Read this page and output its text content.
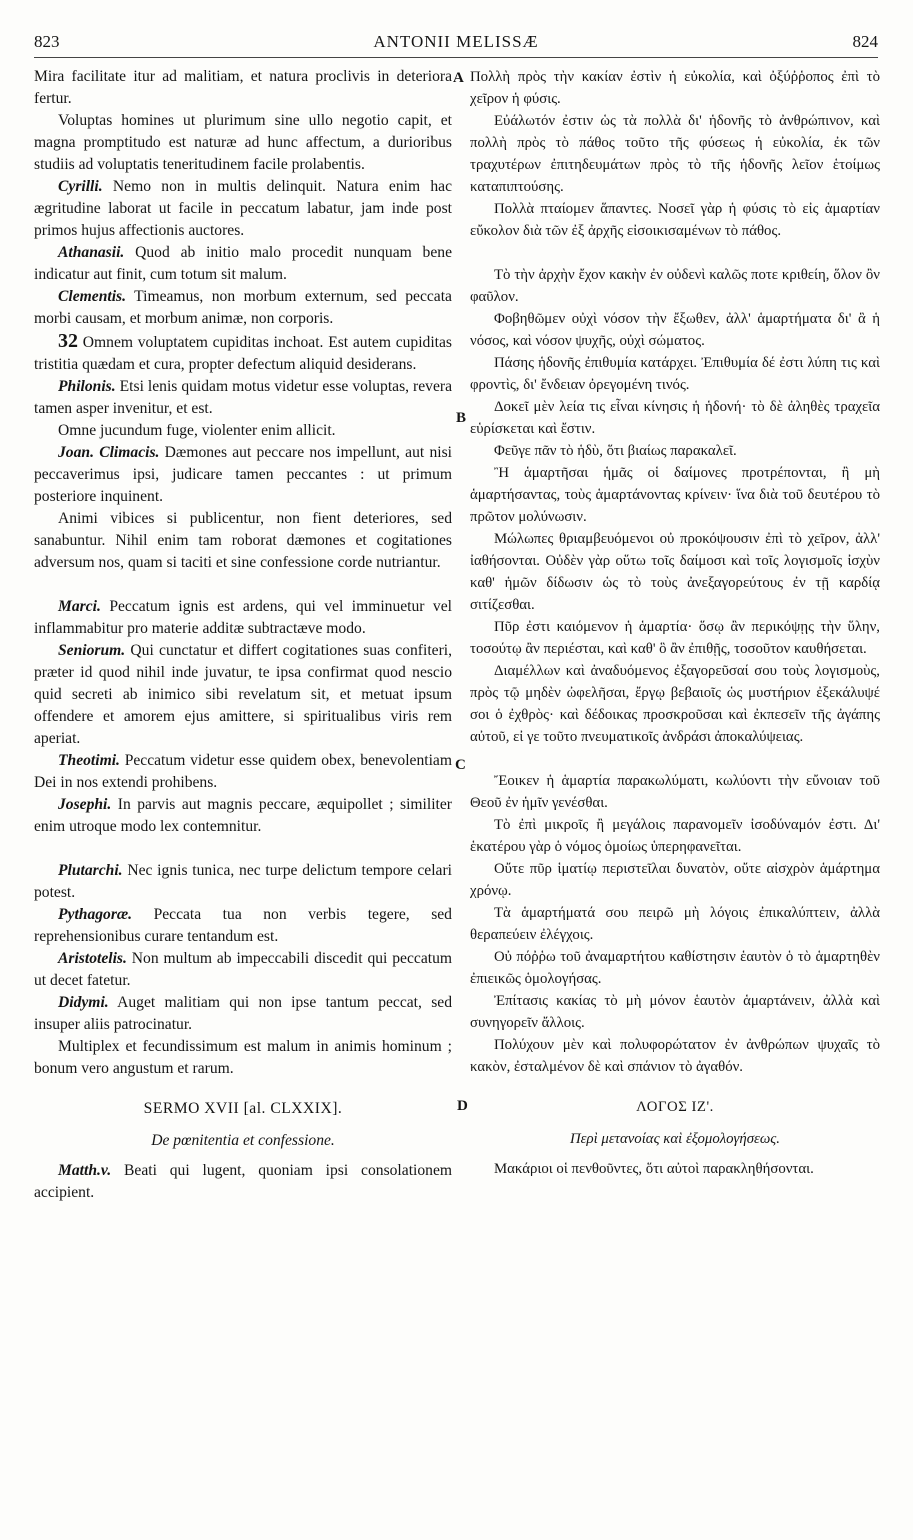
823	ANTONII MELISSÆ	824
A
B
C
D

Mira facilitate itur ad malitiam, et natura proclivis in deteriora fertur.

Voluptas homines ut plurimum sine ullo negotio capit, et magna promptitudo est naturæ ad hunc affectum, a durioribus studiis ad voluptatis teneritudinem facile prolabentis.

Cyrilli. Nemo non in multis delinquit. Natura enim hac ægritudine laborat ut facile in peccatum labatur, jam inde post primos hujus affectionis auctores.

Athanasii. Quod ab initio malo procedit nunquam bene indicatur aut finit, cum totum sit malum.

Clementis. Timeamus, non morbum externum, sed peccata morbi causam, et morbum animæ, non corporis.

32 Omnem voluptatem cupiditas inchoat. Est autem cupiditas tristitia quædam et cura, propter defectum aliquid desiderans.

Philonis. Etsi lenis quidam motus videtur esse voluptas, revera tamen asper invenitur, et est.

Omne jucundum fuge, violenter enim allicit.

Joan. Climacis. Dæmones aut peccare nos impellunt, aut nisi peccaverimus ipsi, judicare tamen peccantes : ut primum posteriore inquinent.

Animi vibices si publicentur, non fient deteriores, sed sanabuntur. Nihil enim tam roborat dæmones et cogitationes adversum nos, quam si taciti et sine confessione corde nutriantur.

Marci. Peccatum ignis est ardens, qui vel imminuetur vel inflammabitur pro materie additæ subtractæve modo.

Seniorum. Qui cunctatur et differt cogitationes suas confiteri, præter id quod nihil inde juvatur, te ipsa confirmat quod nescio quid secreti ab inimico sibi revelatum sit, et metuat ipsum offendere et amorem ejus amittere, si spiritualibus viris rem aperiat.

Theotimi. Peccatum videtur esse quidem obex, benevolentiam Dei in nos extendi prohibens.

Josephi. In parvis aut magnis peccare, æquipollet ; similiter enim utroque modo lex contemnitur.

Plutarchi. Nec ignis tunica, nec turpe delictum tempore celari potest.

Pythagoræ. Peccata tua non verbis tegere, sed reprehensionibus curare tentandum est.

Aristotelis. Non multum ab impeccabili discedit qui peccatum ut decet fatetur.

Didymi. Auget malitiam qui non ipse tantum peccat, sed insuper aliis patrocinatur.

Multiplex et fecundissimum est malum in animis hominum ; bonum vero angustum et rarum.

SERMO XVII [al. CLXXIX].

De pœnitentia et confessione.

Matth.v. Beati qui lugent, quoniam ipsi consolationem accipient.

Πολλὴ πρὸς τὴν κακίαν ἐστὶν ἡ εὐκολία, καὶ ὀξύῤῥοπος ἐπὶ τὸ χεῖρον ἡ φύσις.

Εὐάλωτόν ἐστιν ὡς τὰ πολλὰ δι' ἡδονῆς τὸ ἀνθρώπινον, καὶ πολλὴ πρὸς τὸ πάθος τοῦτο τῆς φύσεως ἡ εὐκολία, ἐκ τῶν τραχυτέρων ἐπιτηδευμάτων πρὸς τὸ τῆς ἡδονῆς λεῖον ἑτοίμως καταπιπτούσης.

Πολλὰ πταίομεν ἅπαντες. Νοσεῖ γὰρ ἡ φύσις τὸ εἰς ἁμαρτίαν εὔκολον διὰ τῶν ἐξ ἀρχῆς εἰσοικισαμένων τὸ πάθος.

Τὸ τὴν ἀρχὴν ἔχον κακὴν ἐν οὐδενὶ καλῶς ποτε κριθείη, ὅλον ὂν φαῦλον.

Φοβηθῶμεν οὐχὶ νόσον τὴν ἔξωθεν, ἀλλ' ἁμαρτήματα δι' ἃ ἡ νόσος, καὶ νόσον ψυχῆς, οὐχὶ σώματος.

Πάσης ἡδονῆς ἐπιθυμία κατάρχει. Ἐπιθυμία δέ ἐστι λύπη τις καὶ φροντὶς, δι' ἔνδειαν ὀρεγομένη τινός.

Δοκεῖ μὲν λεία τις εἶναι κίνησις ἡ ἡδονή· τὸ δὲ ἀληθὲς τραχεῖα εὑρίσκεται καὶ ἔστιν.

Φεῦγε πᾶν τὸ ἡδὺ, ὅτι βιαίως παρακαλεῖ.

Ἢ ἁμαρτῆσαι ἡμᾶς οἱ δαίμονες προτρέπονται, ἢ μὴ ἁμαρτήσαντας, τοὺς ἁμαρτάνοντας κρίνειν· ἵνα διὰ τοῦ δευτέρου τὸ πρῶτον μολύνωσιν.

Μώλωπες θριαμβευόμενοι οὐ προκόψουσιν ἐπὶ τὸ χεῖρον, ἀλλ' ἰαθήσονται. Οὐδὲν γὰρ οὕτω τοῖς δαίμοσι καὶ τοῖς λογισμοῖς ἰσχὺν καθ' ἡμῶν δίδωσιν ὡς τὸ τοὺς ἀνεξαγορεύτους ἐν τῇ καρδίᾳ σιτίζεσθαι.

Πῦρ ἐστι καιόμενον ἡ ἁμαρτία· ὅσῳ ἂν περικόψῃς τὴν ὕλην, τοσούτῳ ἂν περιέσται, καὶ καθ' ὃ ἂν ἐπιθῇς, τοσοῦτον καυθήσεται.

Διαμέλλων καὶ ἀναδυόμενος ἐξαγορεῦσαί σου τοὺς λογισμοὺς, πρὸς τῷ μηδὲν ὠφελῆσαι, ἔργῳ βεβαιοῖς ὡς μυστήριον ἐξεκάλυψέ σοι ὁ ἐχθρὸς· καὶ δέδοικας προσκροῦσαι καὶ ἐκπεσεῖν τῆς ἀγάπης αὐτοῦ, εἰ γε τοῦτο πνευματικοῖς ἀνδράσι ἀποκαλύψειας.

Ἔοικεν ἡ ἁμαρτία παρακωλύματι, κωλύοντι τὴν εὔνοιαν τοῦ Θεοῦ ἐν ἡμῖν γενέσθαι.

Τὸ ἐπὶ μικροῖς ἢ μεγάλοις παρανομεῖν ἰσοδύναμόν ἐστι. Δι' ἑκατέρου γὰρ ὁ νόμος ὁμοίως ὑπερηφανεῖται.

Οὔτε πῦρ ἱματίῳ περιστεῖλαι δυνατὸν, οὔτε αἰσχρὸν ἁμάρτημα χρόνῳ.

Τὰ ἁμαρτήματά σου πειρῶ μὴ λόγοις ἐπικαλύπτειν, ἀλλὰ θεραπεύειν ἐλέγχοις.

Οὐ πόῤῥω τοῦ ἀναμαρτήτου καθίστησιν ἑαυτὸν ὁ τὸ ἁμαρτηθὲν ἐπιεικῶς ὁμολογήσας.

Ἐπίτασις κακίας τὸ μὴ μόνον ἑαυτὸν ἁμαρτάνειν, ἀλλὰ καὶ συνηγορεῖν ἄλλοις.

Πολύχουν μὲν καὶ πολυφορώτατον ἐν ἀνθρώπων ψυχαῖς τὸ κακὸν, ἐσταλμένον δὲ καὶ σπάνιον τὸ ἀγαθόν.

ΛΟΓΟΣ ΙΖ'.

Περὶ μετανοίας καὶ ἐξομολογήσεως.

Μακάριοι οἱ πενθοῦντες, ὅτι αὐτοὶ παρακληθήσονται.
